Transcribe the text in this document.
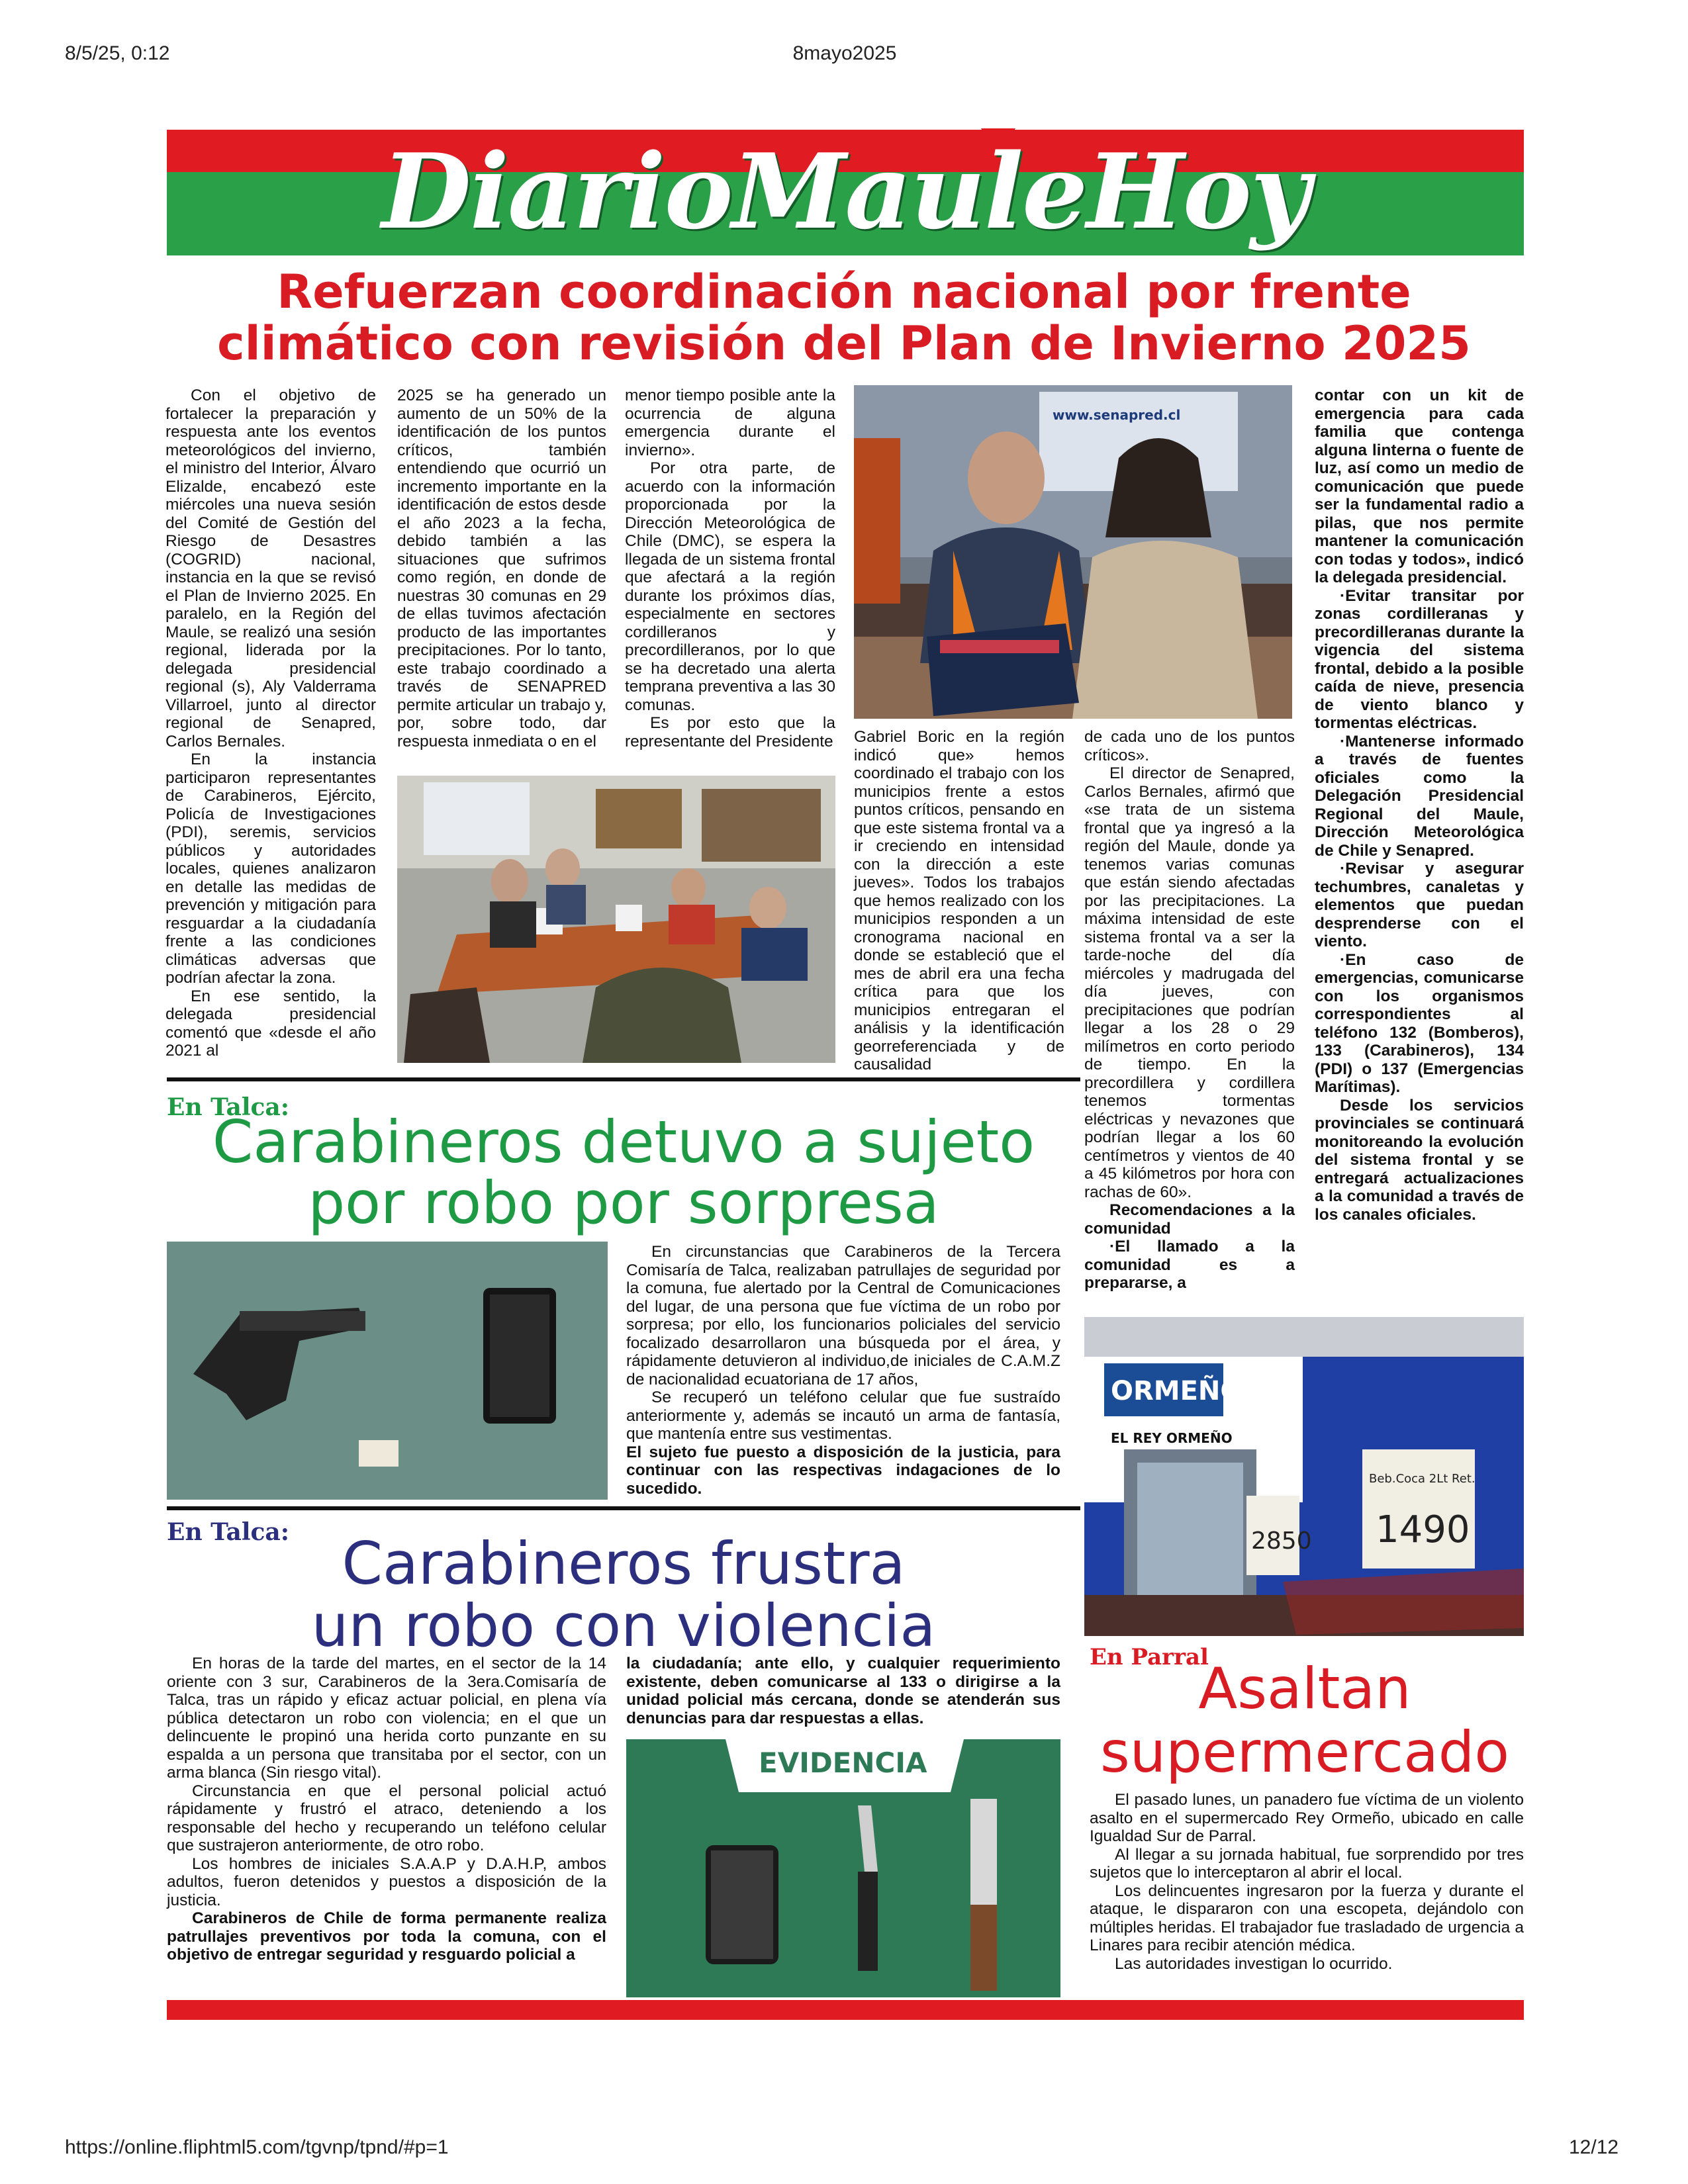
8/5/25, 0:12	8mayo2025
https://online.fliphtml5.com/tgvnp/tpnd/#p=1	12/12
DiarioMauleHoy
Refuerzan coordinación nacional por frente
climático con revisión del Plan de Invierno 2025

Con el objetivo de fortalecer la preparación y respuesta ante los eventos meteorológicos del invierno, el ministro del Interior, Álvaro Elizalde, encabezó este miércoles una nueva sesión del Comité de Gestión del Riesgo de Desastres (COGRID) nacional, instancia en la que se revisó el Plan de Invierno 2025. En paralelo, en la Región del Maule, se realizó una sesión regional, liderada por la delegada presidencial regional (s), Aly Valderrama Villarroel, junto al director regional de Senapred, Carlos Bernales.

En la instancia participaron representantes de Carabineros, Ejército, Policía de Investigaciones (PDI), seremis, servicios públicos y autoridades locales, quienes analizaron en detalle las medidas de prevención y mitigación para resguardar a la ciudadanía frente a las condiciones climáticas adversas que podrían afectar la zona.

En ese sentido, la delegada presidencial comentó que «desde el año 2021 al

2025 se ha generado un aumento de un 50% de la identificación de los puntos críticos, también entendiendo que ocurrió un incremento importante en la identificación de estos desde el año 2023 a la fecha, debido también a las situaciones que sufrimos como región, en donde de nuestras 30 comunas en 29 de ellas tuvimos afectación producto de las importantes precipitaciones. Por lo tanto, este trabajo coordinado a través de SENAPRED permite articular un trabajo y, por, sobre todo, dar respuesta inmediata o en el

menor tiempo posible ante la ocurrencia de alguna emergencia durante el invierno».

Por otra parte, de acuerdo con la información proporcionada por la Dirección Meteorológica de Chile (DMC), se espera la llegada de un sistema frontal que afectará a la región durante los próximos días, especialmente en sectores cordilleranos y precordilleranos, por lo que se ha decretado una alerta temprana preventiva a las 30 comunas.

Es por esto que la representante del Presidente

www.senapred.cl

Gabriel Boric en la región indicó que» hemos coordinado el trabajo con los municipios frente a estos puntos críticos, pensando en que este sistema frontal va a ir creciendo en intensidad con la dirección a este jueves». Todos los trabajos que hemos realizado con los municipios responden a un cronograma nacional en donde se estableció que el mes de abril era una fecha crítica para que los municipios entregaran el análisis y la identificación georreferenciada y de causalidad

de cada uno de los puntos críticos».

El director de Senapred, Carlos Bernales, afirmó que «se trata de un sistema frontal que ya ingresó a la región del Maule, donde ya tenemos varias comunas que están siendo afectadas por las precipitaciones. La máxima intensidad de este sistema frontal va a ser la tarde-noche del día miércoles y madrugada del día jueves, con precipitaciones que podrían llegar a los 28 o 29 milímetros en corto periodo de tiempo. En la precordillera y cordillera tenemos tormentas eléctricas y nevazones que podrían llegar a los 60 centímetros y vientos de 40 a 45 kilómetros por hora con rachas de 60».

Recomendaciones a la comunidad

·El llamado a la comunidad es a prepararse, a

contar con un kit de emergencia para cada familia que contenga alguna linterna o fuente de luz, así como un medio de comunicación que puede ser la fundamental radio a pilas, que nos permite mantener la comunicación con todas y todos», indicó la delegada presidencial.

·Evitar transitar por zonas cordilleranas y precordilleranas durante la vigencia del sistema frontal, debido a la posible caída de nieve, presencia de viento blanco y tormentas eléctricas.

·Mantenerse informado a través de fuentes oficiales como la Delegación Presidencial Regional del Maule, Dirección Meteorológica de Chile y Senapred.

·Revisar y asegurar techumbres, canaletas y elementos que puedan desprenderse con el viento.

·En caso de emergencias, comunicarse con los organismos correspondientes al teléfono 132 (Bomberos), 133 (Carabineros), 134 (PDI) o 137 (Emergencias Marítimas).

Desde los servicios provinciales se continuará monitoreando la evolución del sistema frontal y se entregará actualizaciones a la comunidad a través de los canales oficiales.

En Talca:
Carabineros detuvo a sujeto
por robo por sorpresa

En circunstancias que Carabineros de la Tercera Comisaría de Talca, realizaban patrullajes de seguridad por la comuna, fue alertado por la Central de Comunicaciones del lugar, de una persona que fue víctima de un robo por sorpresa; por ello, los funcionarios policiales del servicio focalizado desarrollaron una búsqueda por el área, y rápidamente detuvieron al individuo,de iniciales de C.A.M.Z de nacionalidad ecuatoriana de 17 años,

Se recuperó un teléfono celular que fue sustraído anteriormente y, además se incautó un arma de fantasía, que mantenía entre sus vestimentas.

El sujeto fue puesto a disposición de la justicia, para continuar con las respectivas indagaciones de lo sucedido.

En Talca: Carabineros frustra
un robo con violencia

En horas de la tarde del martes, en el sector de la 14 oriente con 3 sur, Carabineros de la 3era.Comisaría de Talca, tras un rápido y eficaz actuar policial, en plena vía pública detectaron un robo con violencia; en el que un delincuente le propinó una herida corto punzante en su espalda a un persona que transitaba por el sector, con un arma blanca (Sin riesgo vital).

Circunstancia en que el personal policial actuó rápidamente y frustró el atraco, deteniendo a los responsable del hecho y recuperando un teléfono celular que sustrajeron anteriormente, de otro robo.

Los hombres de iniciales S.A.A.P y D.A.H.P, ambos adultos, fueron detenidos y puestos a disposición de la justicia.

Carabineros de Chile de forma permanente realiza patrullajes preventivos por toda la comuna, con el objetivo de entregar seguridad y resguardo policial a

la ciudadanía; ante ello, y cualquier requerimiento existente, deben comunicarse al 133 o dirigirse a la unidad policial más cercana, donde se atenderán sus denuncias para dar respuestas a ellas.

EVIDENCIA
ORMEÑO
EL REY ORMEÑO
2850
Beb.Coca 2Lt Ret.
1490
En Parral
Asaltan
supermercado

El pasado lunes, un panadero fue víctima de un violento asalto en el supermercado Rey Ormeño, ubicado en calle Igualdad Sur de Parral.

Al llegar a su jornada habitual, fue sorprendido por tres sujetos que lo interceptaron al abrir el local.

Los delincuentes ingresaron por la fuerza y durante el ataque, le dispararon con una escopeta, dejándolo con múltiples heridas. El trabajador fue trasladado de urgencia a Linares para recibir atención médica.

Las autoridades investigan lo ocurrido.
